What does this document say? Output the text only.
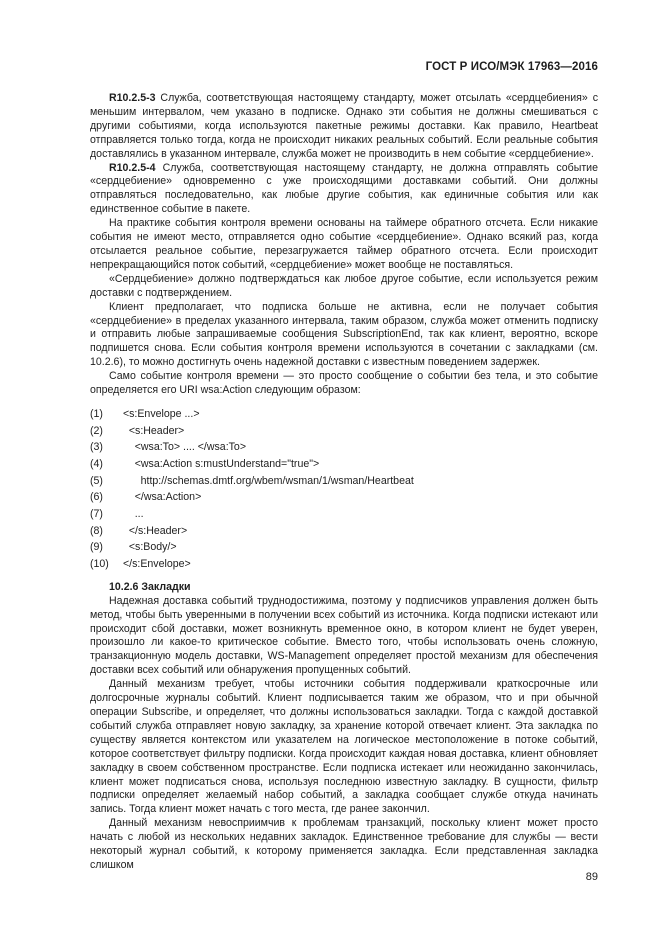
ГОСТ Р ИСО/МЭК 17963—2016

R10.2.5-3 Служба, соответствующая настоящему стандарту, может отсылать «сердцебиения» с меньшим интервалом, чем указано в подписке. Однако эти события не должны смешиваться с другими событиями, когда используются пакетные режимы доставки. Как правило, Heartbeat отправляется только тогда, когда не происходит никаких реальных событий. Если реальные события доставлялись в указанном интервале, служба может не производить в нем событие «сердцебиение».

R10.2.5-4 Служба, соответствующая настоящему стандарту, не должна отправлять событие «сердцебиение» одновременно с уже происходящими доставками событий. Они должны отправляться последовательно, как любые другие события, как единичные события или как единственное событие в пакете.

На практике события контроля времени основаны на таймере обратного отсчета. Если никакие события не имеют место, отправляется одно событие «сердцебиение». Однако всякий раз, когда отсылается реальное событие, перезагружается таймер обратного отсчета. Если происходит непрекращающийся поток событий, «сердцебиение» может вообще не поставляться.

«Сердцебиение» должно подтверждаться как любое другое событие, если используется режим доставки с подтверждением.

Клиент предполагает, что подписка больше не активна, если не получает события «сердцебиение» в пределах указанного интервала, таким образом, служба может отменить подписку и отправить любые запрашиваемые сообщения SubscriptionEnd, так как клиент, вероятно, вскоре подпишется снова. Если события контроля времени используются в сочетании с закладками (см. 10.2.6), то можно достигнуть очень надежной доставки с известным поведением задержек.

Само событие контроля времени — это просто сообщение о событии без тела, и это событие определяется его URI wsa:Action следующим образом:

(1) <s:Envelope ...>
(2)   <s:Header>
(3)     <wsa:To> .... </wsa:To>
(4)     <wsa:Action s:mustUnderstand="true">
(5)       http://schemas.dmtf.org/wbem/wsman/1/wsman/Heartbeat
(6)     </wsa:Action>
(7)     ...
(8)   </s:Header>
(9)   <s:Body/>
(10) </s:Envelope>
10.2.6 Закладки

Надежная доставка событий труднодостижима, поэтому у подписчиков управления должен быть метод, чтобы быть уверенными в получении всех событий из источника. Когда подписки истекают или происходит сбой доставки, может возникнуть временное окно, в котором клиент не будет уверен, произошло ли какое-то критическое событие. Вместо того, чтобы использовать очень сложную, транзакционную модель доставки, WS-Management определяет простой механизм для обеспечения доставки всех событий или обнаружения пропущенных событий.

Данный механизм требует, чтобы источники события поддерживали краткосрочные или долгосрочные журналы событий. Клиент подписывается таким же образом, что и при обычной операции Subscribe, и определяет, что должны использоваться закладки. Тогда с каждой доставкой событий служба отправляет новую закладку, за хранение которой отвечает клиент. Эта закладка по существу является контекстом или указателем на логическое местоположение в потоке событий, которое соответствует фильтру подписки. Когда происходит каждая новая доставка, клиент обновляет закладку в своем собственном пространстве. Если подписка истекает или неожиданно закончилась, клиент может подписаться снова, используя последнюю известную закладку. В сущности, фильтр подписки определяет желаемый набор событий, а закладка сообщает службе откуда начинать запись. Тогда клиент может начать с того места, где ранее закончил.

Данный механизм невосприимчив к проблемам транзакций, поскольку клиент может просто начать с любой из нескольких недавних закладок. Единственное требование для службы — вести некоторый журнал событий, к которому применяется закладка. Если представленная закладка слишком

89
